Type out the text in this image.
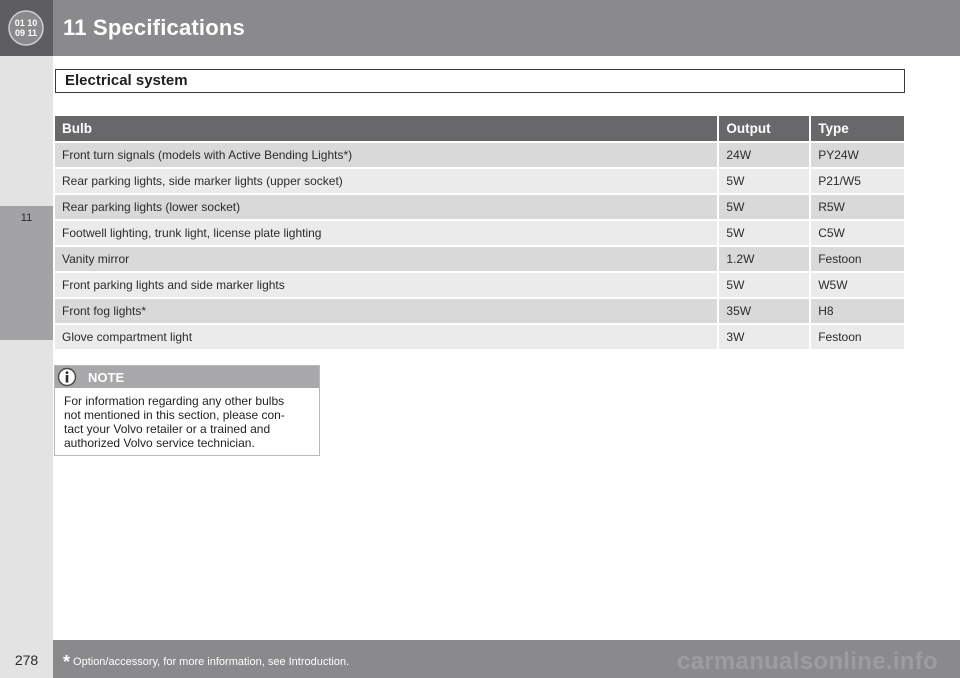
01 10
09 11 11 Specifications
11
Electrical system
Bulb	Output	Type
Front turn signals (models with Active Bending Lights*)	24W	PY24W
Rear parking lights, side marker lights (upper socket)	5W	P21/W5
Rear parking lights (lower socket)	5W	R5W
Footwell lighting, trunk light, license plate lighting	5W	C5W
Vanity mirror	1.2W	Festoon
Front parking lights and side marker lights	5W	W5W
Front fog lights*	35W	H8
Glove compartment light	3W	Festoon
NOTE

For information regarding any other bulbs
not mentioned in this section, please con-
tact your Volvo retailer or a trained and
authorized Volvo service technician.

278	* Option/accessory, for more information, see Introduction.	carmanualsonline.info
